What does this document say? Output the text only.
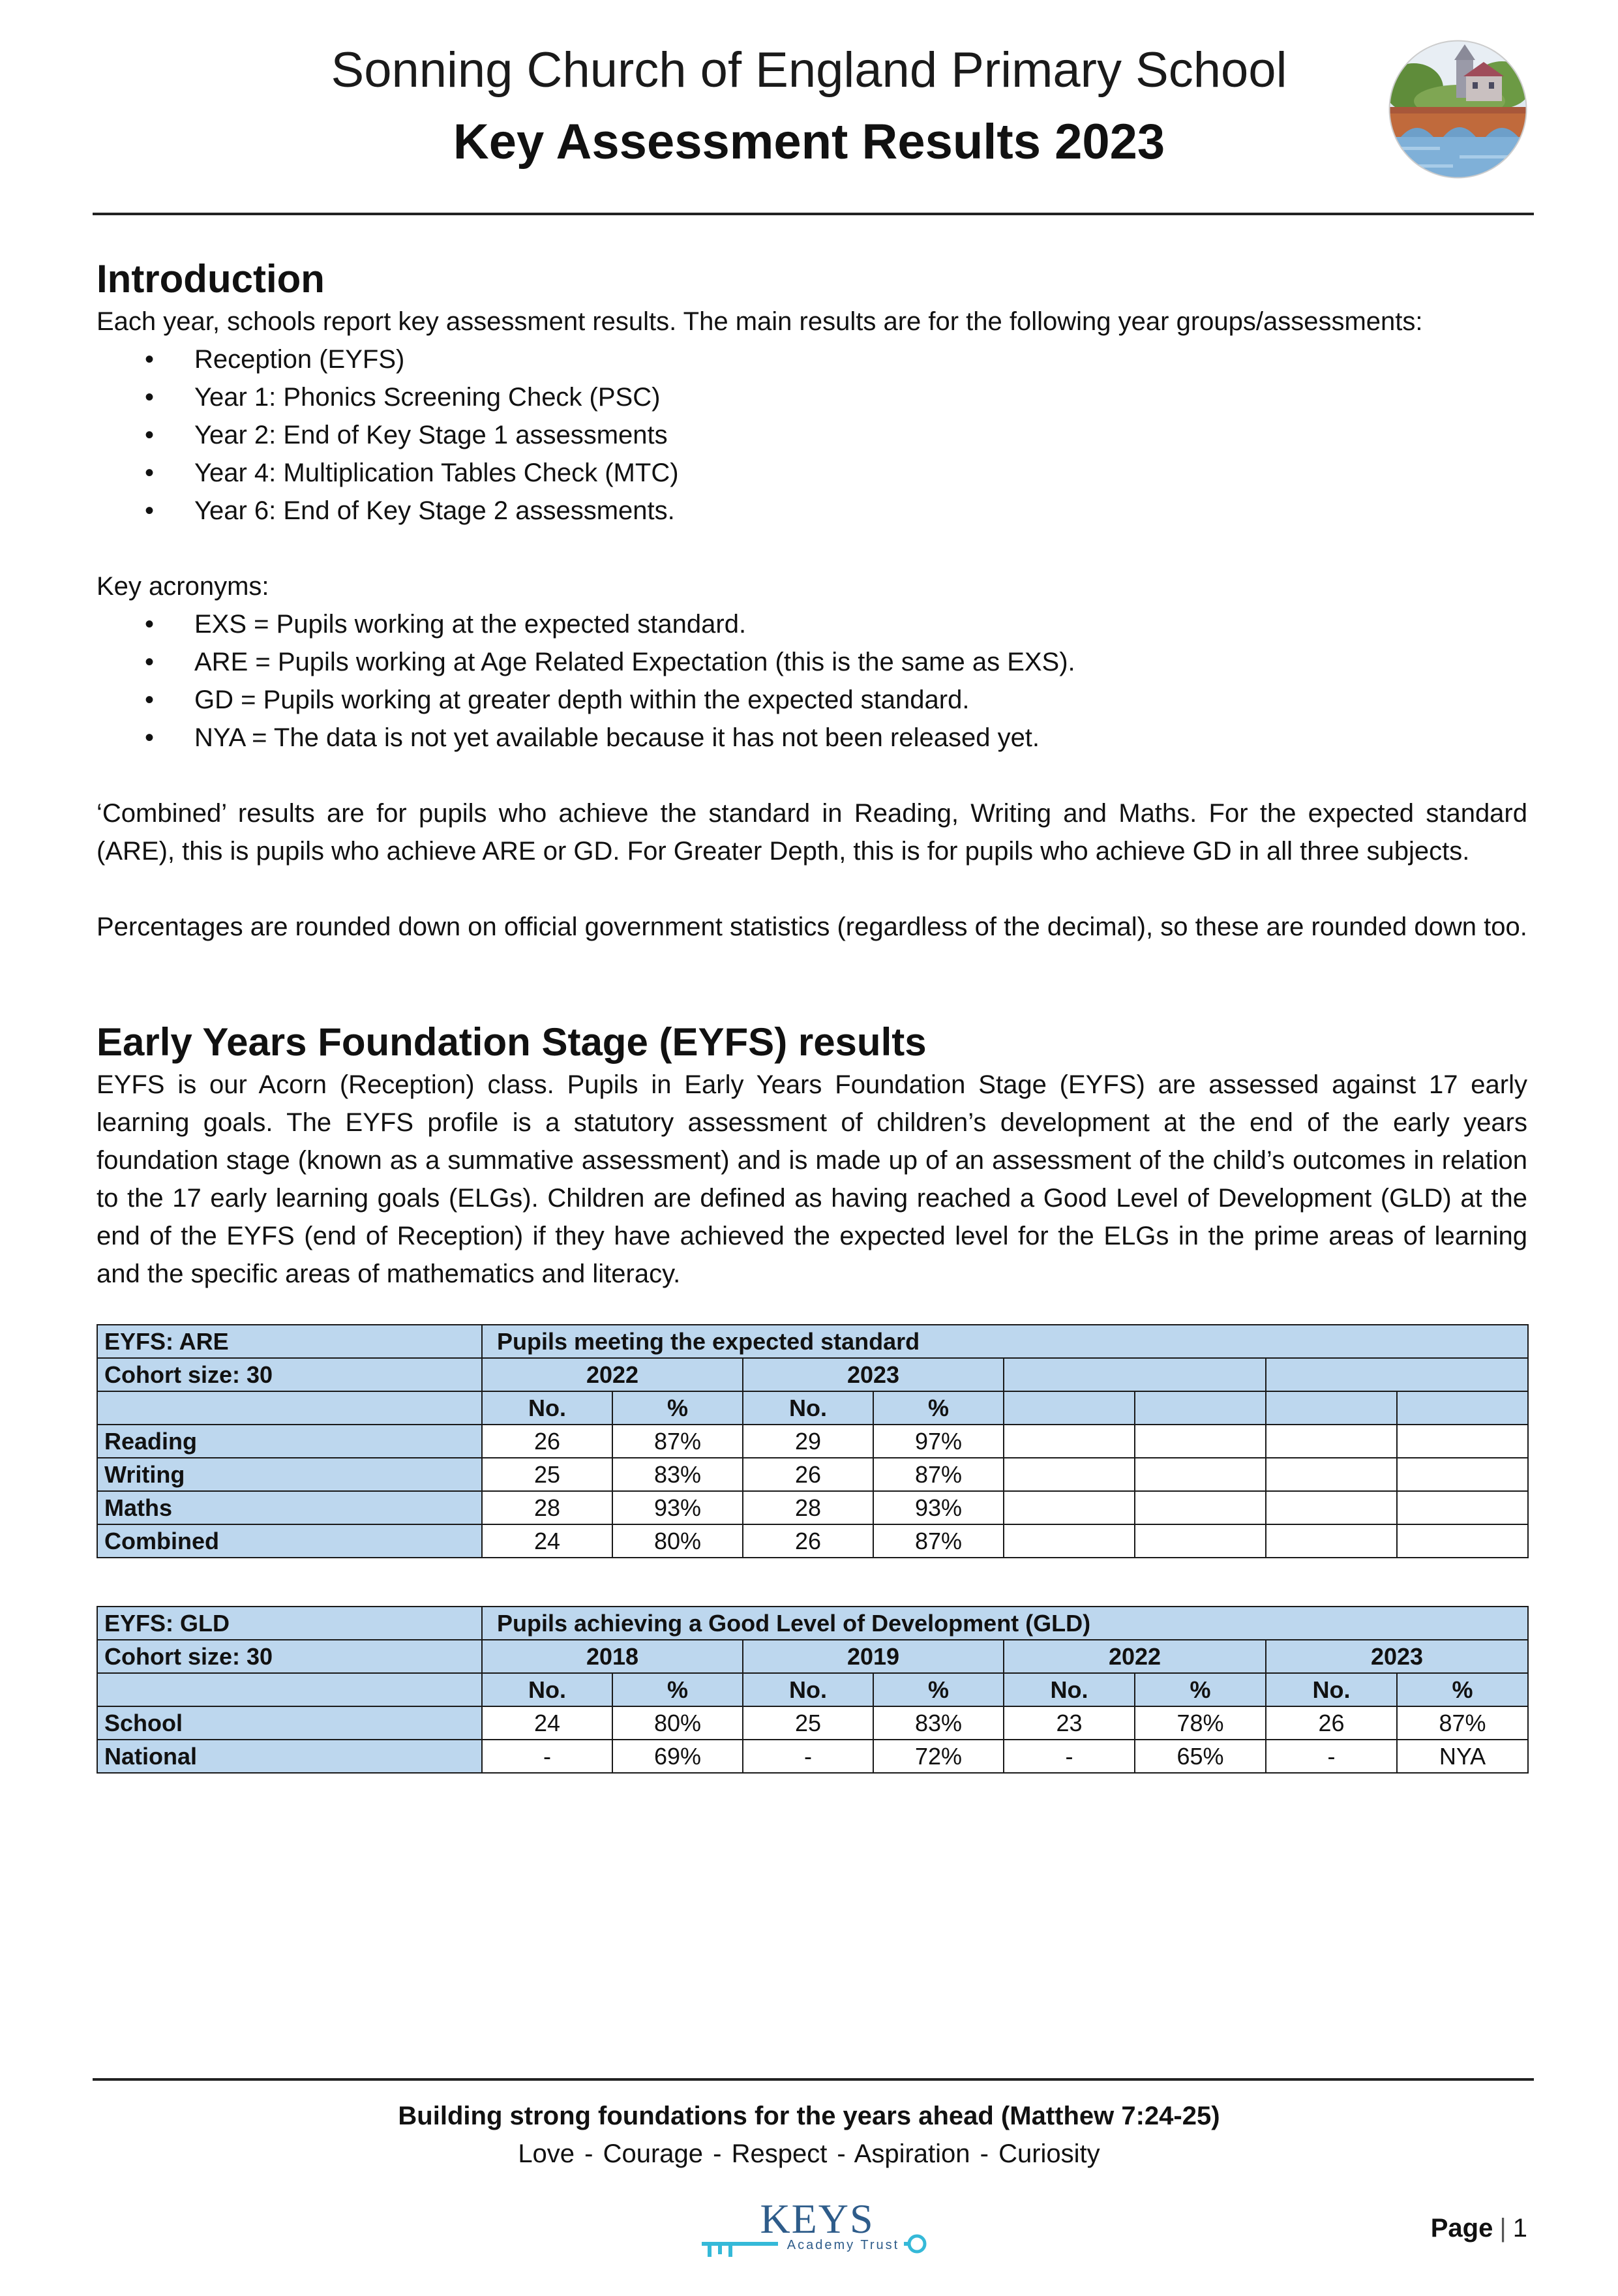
Sonning Church of England Primary School
Key Assessment Results 2023
Introduction

Each year, schools report key assessment results. The main results are for the following year groups/assessments:

• Reception (EYFS)
• Year 1: Phonics Screening Check (PSC)
• Year 2: End of Key Stage 1 assessments
• Year 4: Multiplication Tables Check (MTC)
• Year 6: End of Key Stage 2 assessments.

Key acronyms:

• EXS = Pupils working at the expected standard.
• ARE = Pupils working at Age Related Expectation (this is the same as EXS).
• GD = Pupils working at greater depth within the expected standard.
• NYA = The data is not yet available because it has not been released yet.

‘Combined’ results are for pupils who achieve the standard in Reading, Writing and Maths. For the expected standard (ARE), this is pupils who achieve ARE or GD. For Greater Depth, this is for pupils who achieve GD in all three subjects.

Percentages are rounded down on official government statistics (regardless of the decimal), so these are rounded down too.

Early Years Foundation Stage (EYFS) results

EYFS is our Acorn (Reception) class. Pupils in Early Years Foundation Stage (EYFS) are assessed against 17 early learning goals. The EYFS profile is a statutory assessment of children’s development at the end of the early years foundation stage (known as a summative assessment) and is made up of an assessment of the child’s outcomes in relation to the 17 early learning goals (ELGs). Children are defined as having reached a Good Level of Development (GLD) at the end of the EYFS (end of Reception) if they have achieved the expected level for the ELGs in the prime areas of learning and the specific areas of mathematics and literacy.

EYFS: ARE	Pupils meeting the expected standard							
Cohort size: 30	2022		2023					
	No.	%	No.	%				
Reading	26	87%	29	97%				
Writing	25	83%	26	87%				
Maths	28	93%	28	93%				
Combined	24	80%	26	87%				
EYFS: GLD	Pupils achieving a Good Level of Development (GLD)							
Cohort size: 30	2018		2019		2022		2023	
	No.	%	No.	%	No.	%	No.	%
School	24	80%	25	83%	23	78%	26	87%
National	-	69%	-	72%	-	65%	-	NYA
Building strong foundations for the years ahead (Matthew 7:24-25)
Love - Courage - Respect - Aspiration - Curiosity
KEYS
Academy Trust
Page | 1
